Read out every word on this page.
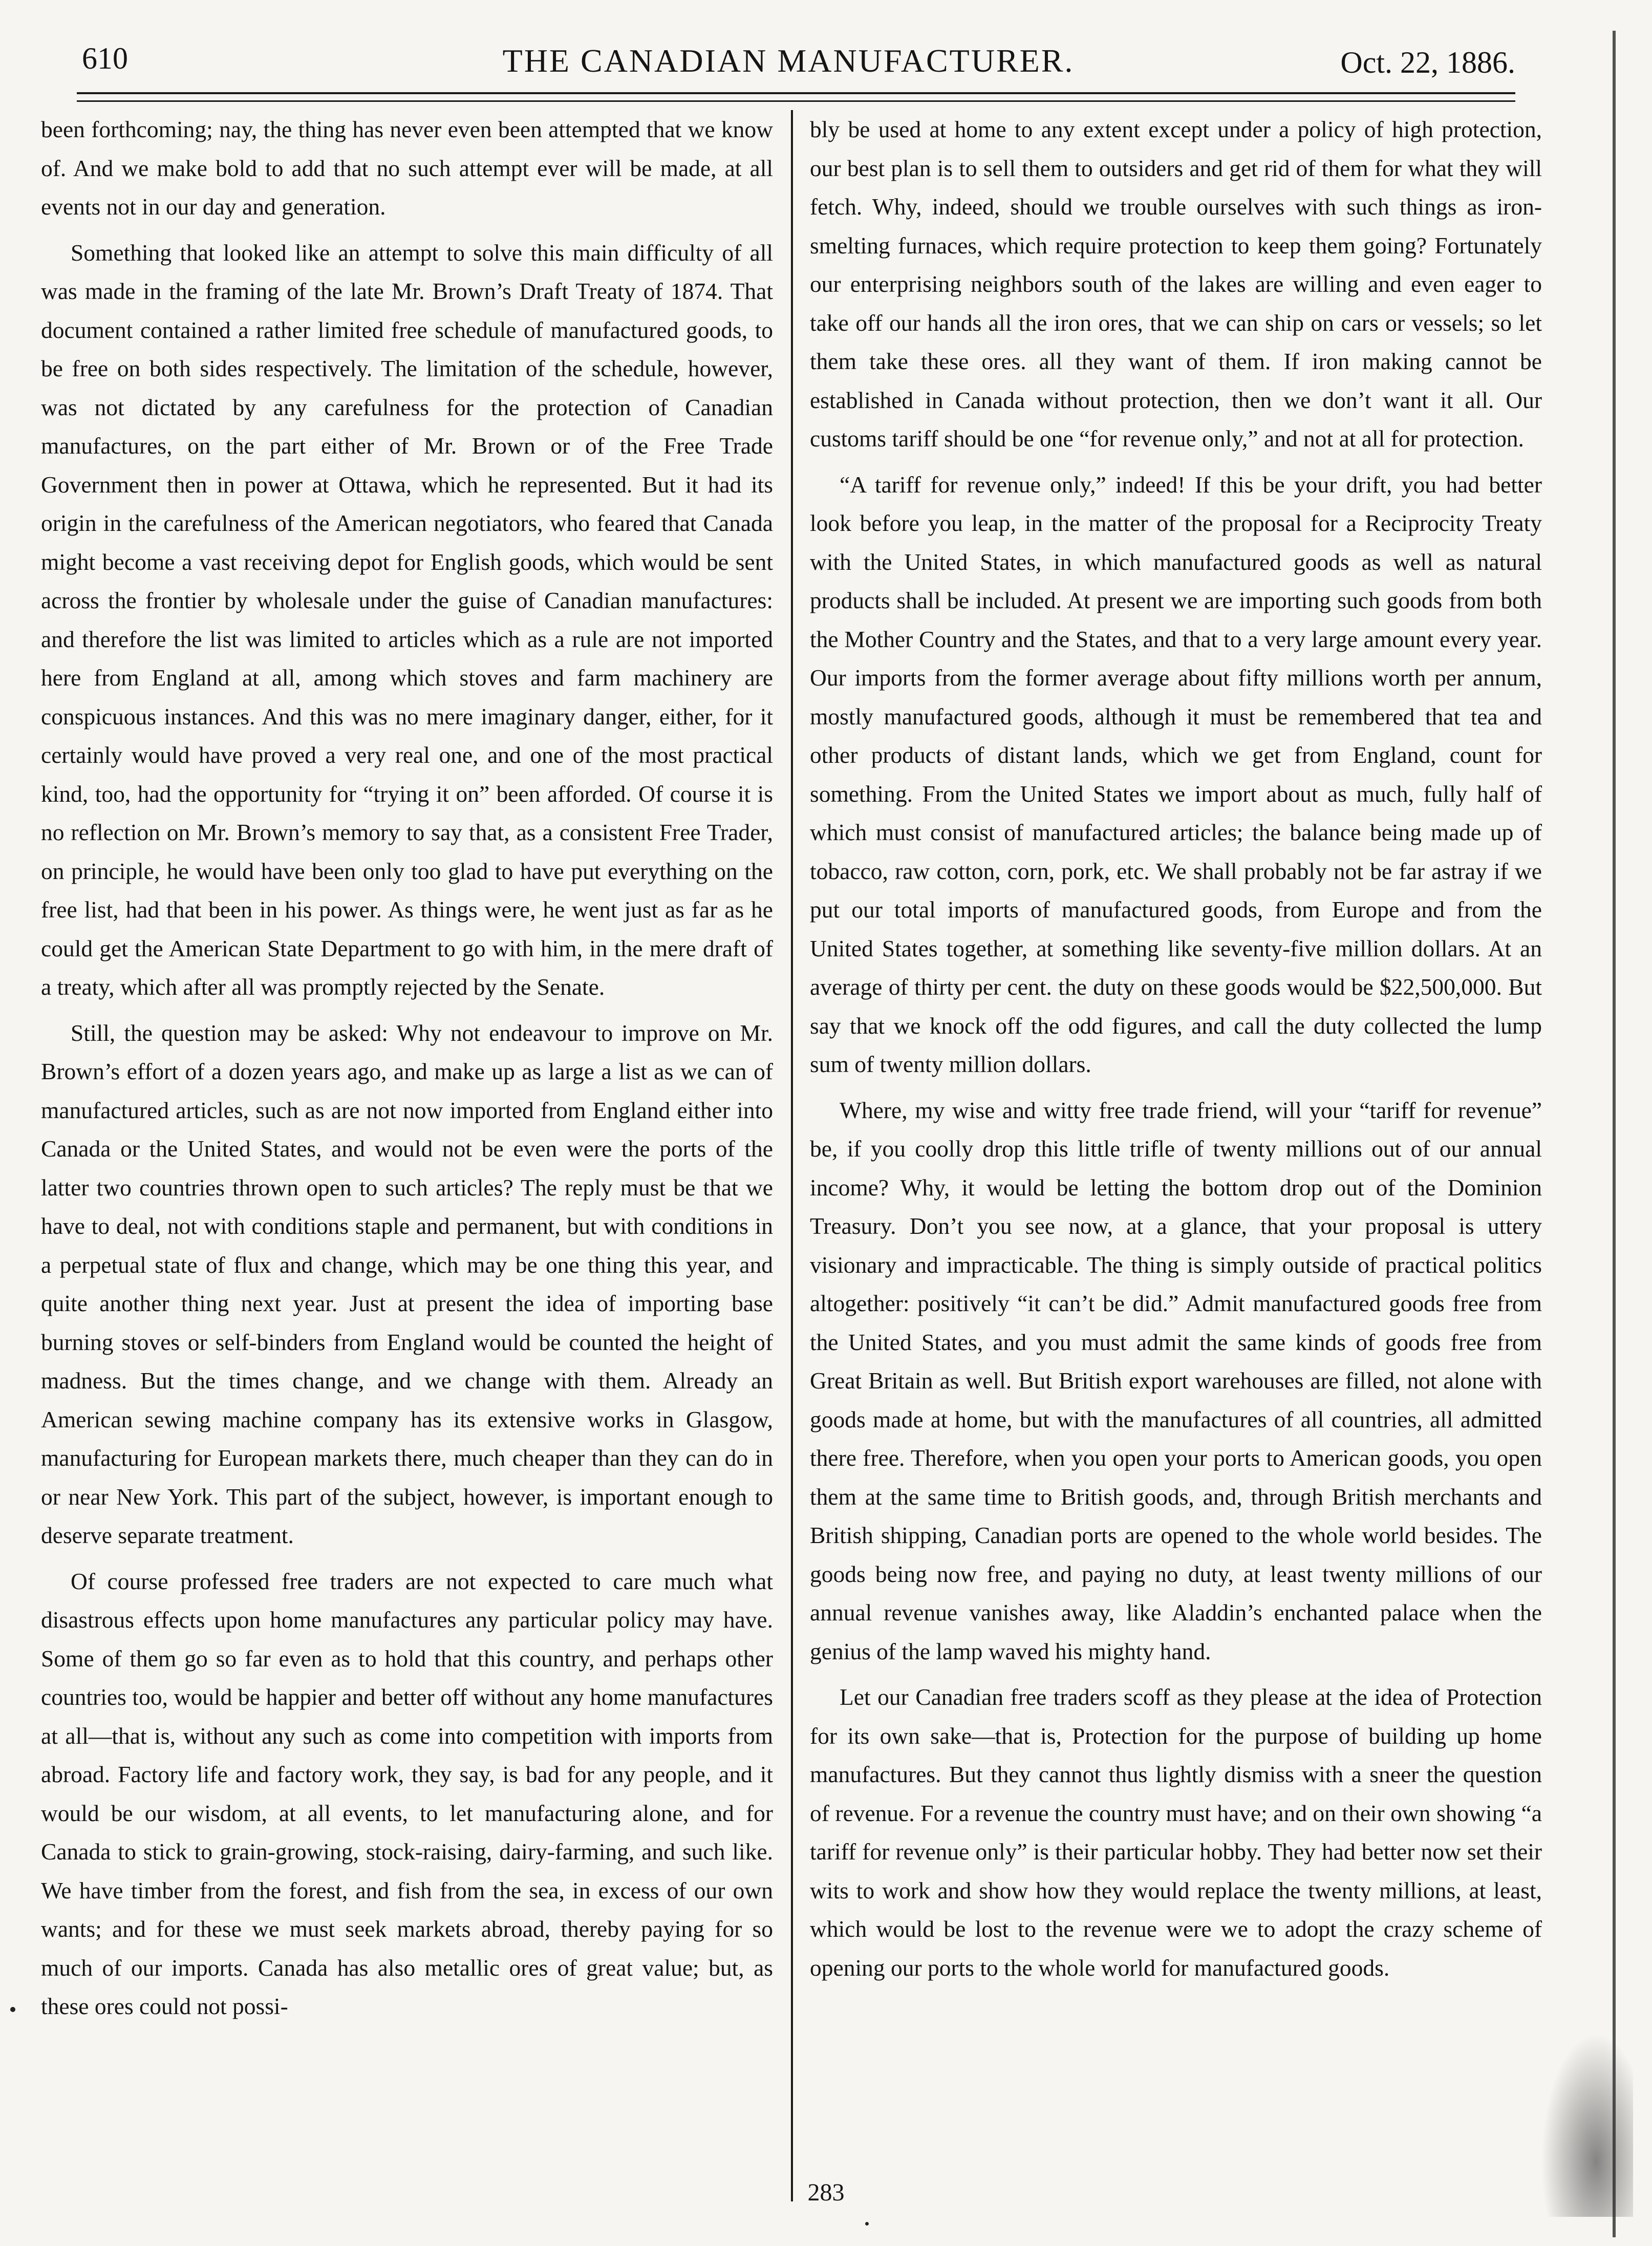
610	THE CANADIAN MANUFACTURER.	Oct. 22, 1886.

been forthcoming; nay, the thing has never even been attempted that we know of. And we make bold to add that no such attempt ever will be made, at all events not in our day and generation.

Something that looked like an attempt to solve this main difficulty of all was made in the framing of the late Mr. Brown’s Draft Treaty of 1874. That document contained a rather limited free schedule of manufactured goods, to be free on both sides respectively. The limitation of the schedule, however, was not dictated by any carefulness for the protection of Canadian manufactures, on the part either of Mr. Brown or of the Free Trade Government then in power at Ottawa, which he represented. But it had its origin in the carefulness of the American negotiators, who feared that Canada might become a vast receiving depot for English goods, which would be sent across the frontier by wholesale under the guise of Canadian manufactures: and therefore the list was limited to articles which as a rule are not imported here from England at all, among which stoves and farm machinery are conspicuous instances. And this was no mere imaginary danger, either, for it certainly would have proved a very real one, and one of the most practical kind, too, had the opportunity for “trying it on” been afforded. Of course it is no reflection on Mr. Brown’s memory to say that, as a consistent Free Trader, on principle, he would have been only too glad to have put everything on the free list, had that been in his power. As things were, he went just as far as he could get the American State Department to go with him, in the mere draft of a treaty, which after all was promptly rejected by the Senate.

Still, the question may be asked: Why not endeavour to improve on Mr. Brown’s effort of a dozen years ago, and make up as large a list as we can of manufactured articles, such as are not now imported from England either into Canada or the United States, and would not be even were the ports of the latter two countries thrown open to such articles? The reply must be that we have to deal, not with conditions staple and permanent, but with conditions in a perpetual state of flux and change, which may be one thing this year, and quite another thing next year. Just at present the idea of importing base burning stoves or self-binders from England would be counted the height of madness. But the times change, and we change with them. Already an American sewing machine company has its extensive works in Glasgow, manufacturing for European markets there, much cheaper than they can do in or near New York. This part of the subject, however, is important enough to deserve separate treatment.

Of course professed free traders are not expected to care much what disastrous effects upon home manufactures any particular policy may have. Some of them go so far even as to hold that this country, and perhaps other countries too, would be happier and better off without any home manufactures at all—that is, without any such as come into competition with imports from abroad. Factory life and factory work, they say, is bad for any people, and it would be our wisdom, at all events, to let manufacturing alone, and for Canada to stick to grain-growing, stock-raising, dairy-farming, and such like. We have timber from the forest, and fish from the sea, in excess of our own wants; and for these we must seek markets abroad, thereby paying for so much of our imports. Canada has also metallic ores of great value; but, as these ores could not possi-

bly be used at home to any extent except under a policy of high protection, our best plan is to sell them to outsiders and get rid of them for what they will fetch. Why, indeed, should we trouble ourselves with such things as iron-smelting furnaces, which require protection to keep them going? Fortunately our enterprising neighbors south of the lakes are willing and even eager to take off our hands all the iron ores, that we can ship on cars or vessels; so let them take these ores. all they want of them. If iron making cannot be established in Canada without protection, then we don’t want it all. Our customs tariff should be one “for revenue only,” and not at all for protection.

“A tariff for revenue only,” indeed! If this be your drift, you had better look before you leap, in the matter of the proposal for a Reciprocity Treaty with the United States, in which manufactured goods as well as natural products shall be included. At present we are importing such goods from both the Mother Country and the States, and that to a very large amount every year. Our imports from the former average about fifty millions worth per annum, mostly manufactured goods, although it must be remembered that tea and other products of distant lands, which we get from England, count for something. From the United States we import about as much, fully half of which must consist of manufactured articles; the balance being made up of tobacco, raw cotton, corn, pork, etc. We shall probably not be far astray if we put our total imports of manufactured goods, from Europe and from the United States together, at something like seventy-five million dollars. At an average of thirty per cent. the duty on these goods would be $22,500,000. But say that we knock off the odd figures, and call the duty collected the lump sum of twenty million dollars.

Where, my wise and witty free trade friend, will your “tariff for revenue” be, if you coolly drop this little trifle of twenty millions out of our annual income? Why, it would be letting the bottom drop out of the Dominion Treasury. Don’t you see now, at a glance, that your proposal is uttery visionary and impracticable. The thing is simply outside of practical politics altogether: positively “it can’t be did.” Admit manufactured goods free from the United States, and you must admit the same kinds of goods free from Great Britain as well. But British export warehouses are filled, not alone with goods made at home, but with the manufactures of all countries, all admitted there free. Therefore, when you open your ports to American goods, you open them at the same time to British goods, and, through British merchants and British shipping, Canadian ports are opened to the whole world besides. The goods being now free, and paying no duty, at least twenty millions of our annual revenue vanishes away, like Aladdin’s enchanted palace when the genius of the lamp waved his mighty hand.

Let our Canadian free traders scoff as they please at the idea of Protection for its own sake—that is, Protection for the purpose of building up home manufactures. But they cannot thus lightly dismiss with a sneer the question of revenue. For a revenue the country must have; and on their own showing “a tariff for revenue only” is their particular hobby. They had better now set their wits to work and show how they would replace the twenty millions, at least, which would be lost to the revenue were we to adopt the crazy scheme of opening our ports to the whole world for manufactured goods.

283
